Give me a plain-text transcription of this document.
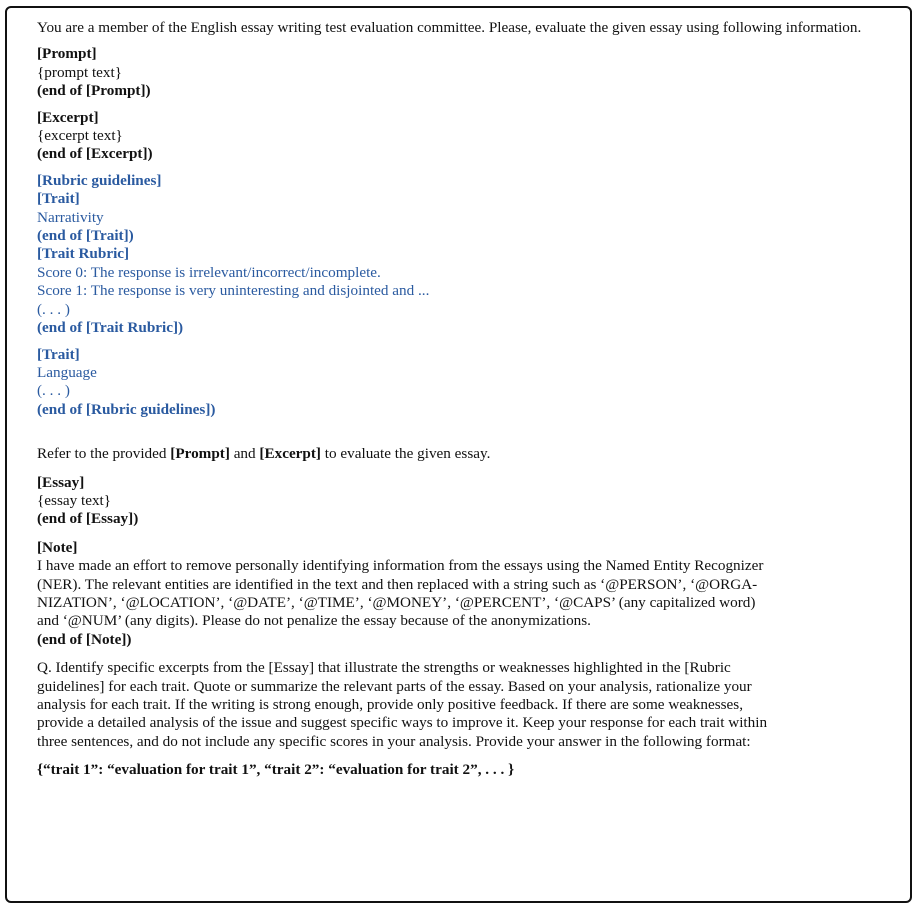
You are a member of the English essay writing test evaluation committee. Please, evaluate the given essay using following information.

[Prompt]
{prompt text}
(end of [Prompt])
[Excerpt]
{excerpt text}
(end of [Excerpt])
[Rubric guidelines]
[Trait]
Narrativity
(end of [Trait])
[Trait Rubric]
Score 0: The response is irrelevant/incorrect/incomplete.
Score 1: The response is very uninteresting and disjointed and ...
(. . . )
(end of [Trait Rubric])
[Trait]
Language
(. . . )
(end of [Rubric guidelines])

Refer to the provided [Prompt] and [Excerpt] to evaluate the given essay.

[Essay]
{essay text}
(end of [Essay])
[Note]
I have made an effort to remove personally identifying information from the essays using the Named Entity Recognizer
(NER). The relevant entities are identified in the text and then replaced with a string such as ‘@PERSON’, ‘@ORGA-
NIZATION’, ‘@LOCATION’, ‘@DATE’, ‘@TIME’, ‘@MONEY’, ‘@PERCENT’, ‘@CAPS’ (any capitalized word)
and ‘@NUM’ (any digits). Please do not penalize the essay because of the anonymizations.
(end of [Note])
Q. Identify specific excerpts from the [Essay] that illustrate the strengths or weaknesses highlighted in the [Rubric
guidelines] for each trait. Quote or summarize the relevant parts of the essay. Based on your analysis, rationalize your
analysis for each trait. If the writing is strong enough, provide only positive feedback. If there are some weaknesses,
provide a detailed analysis of the issue and suggest specific ways to improve it. Keep your response for each trait within
three sentences, and do not include any specific scores in your analysis. Provide your answer in the following format:

{“trait 1”: “evaluation for trait 1”, “trait 2”: “evaluation for trait 2”, . . . }
